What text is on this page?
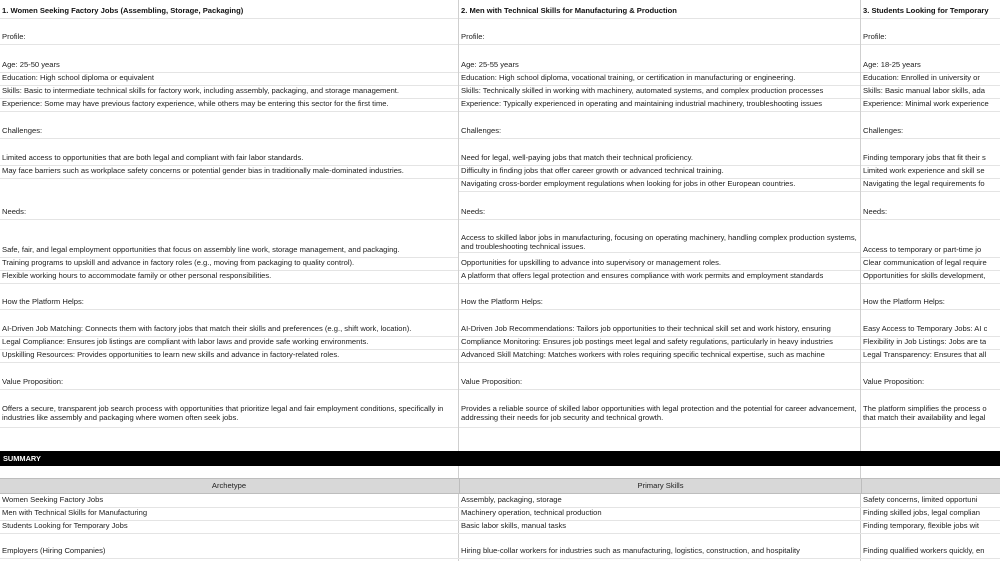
1. Women Seeking Factory Jobs (Assembling, Storage, Packaging)
Profile:
Age: 25-50 years
Education: High school diploma or equivalent
Skills: Basic to intermediate technical skills for factory work, including assembly, packaging, and storage management.
Experience: Some may have previous factory experience, while others may be entering this sector for the first time.
Challenges:
Limited access to opportunities that are both legal and compliant with fair labor standards.
May face barriers such as workplace safety concerns or potential gender bias in traditionally male-dominated industries.
Needs:
Safe, fair, and legal employment opportunities that focus on assembly line work, storage management, and packaging.
Training programs to upskill and advance in factory roles (e.g., moving from packaging to quality control).
Flexible working hours to accommodate family or other personal responsibilities.
How the Platform Helps:
AI-Driven Job Matching: Connects them with factory jobs that match their skills and preferences (e.g., shift work, location).
Legal Compliance: Ensures job listings are compliant with labor laws and provide safe working environments.
Upskilling Resources: Provides opportunities to learn new skills and advance in factory-related roles.
Value Proposition:
Offers a secure, transparent job search process with opportunities that prioritize legal and fair employment conditions, specifically in industries like assembly and packaging where women often seek jobs.
2. Men with Technical Skills for Manufacturing & Production
Profile:
Age: 25-55 years
Education: High school diploma, vocational training, or certification in manufacturing or engineering.
Skills: Technically skilled in working with machinery, automated systems, and complex production processes
Experience: Typically experienced in operating and maintaining industrial machinery, troubleshooting issues
Challenges:
Need for legal, well-paying jobs that match their technical proficiency.
Difficulty in finding jobs that offer career growth or advanced technical training.
Navigating cross-border employment regulations when looking for jobs in other European countries.
Needs:
Access to skilled labor jobs in manufacturing, focusing on operating machinery, handling complex production systems, and troubleshooting technical issues.
Opportunities for upskilling to advance into supervisory or management roles.
A platform that offers legal protection and ensures compliance with work permits and employment standards
How the Platform Helps:
AI-Driven Job Recommendations: Tailors job opportunities to their technical skill set and work history, ensuring
Compliance Monitoring: Ensures job postings meet legal and safety regulations, particularly in heavy industries
Advanced Skill Matching: Matches workers with roles requiring specific technical expertise, such as machine
Value Proposition:
Provides a reliable source of skilled labor opportunities with legal protection and the potential for career advancement, addressing their needs for job security and technical growth.
3. Students Looking for Temporary
Profile:
Age: 18-25 years
Education: Enrolled in university or
Skills: Basic manual labor skills, ada
Experience: Minimal work experience
Challenges:
Finding temporary jobs that fit their s
Limited work experience and skill se
Navigating the legal requirements fo
Needs:
Access to temporary or part-time jo
Clear communication of legal require
Opportunities for skills development,
How the Platform Helps:
Easy Access to Temporary Jobs: AI c
Flexibility in Job Listings: Jobs are ta
Legal Transparency: Ensures that all
Value Proposition:
The platform simplifies the process o that match their availability and legal
SUMMARY
Archetype	Primary Skills
Women Seeking Factory Jobs	Assembly, packaging, storage	Safety concerns, limited opportuni
Men with Technical Skills for Manufacturing	Machinery operation, technical production	Finding skilled jobs, legal complian
Students Looking for Temporary Jobs	Basic labor skills, manual tasks	Finding temporary, flexible jobs wit
Employers (Hiring Companies)	Hiring blue-collar workers for industries such as manufacturing, logistics, construction, and hospitality	Finding qualified workers quickly, en
